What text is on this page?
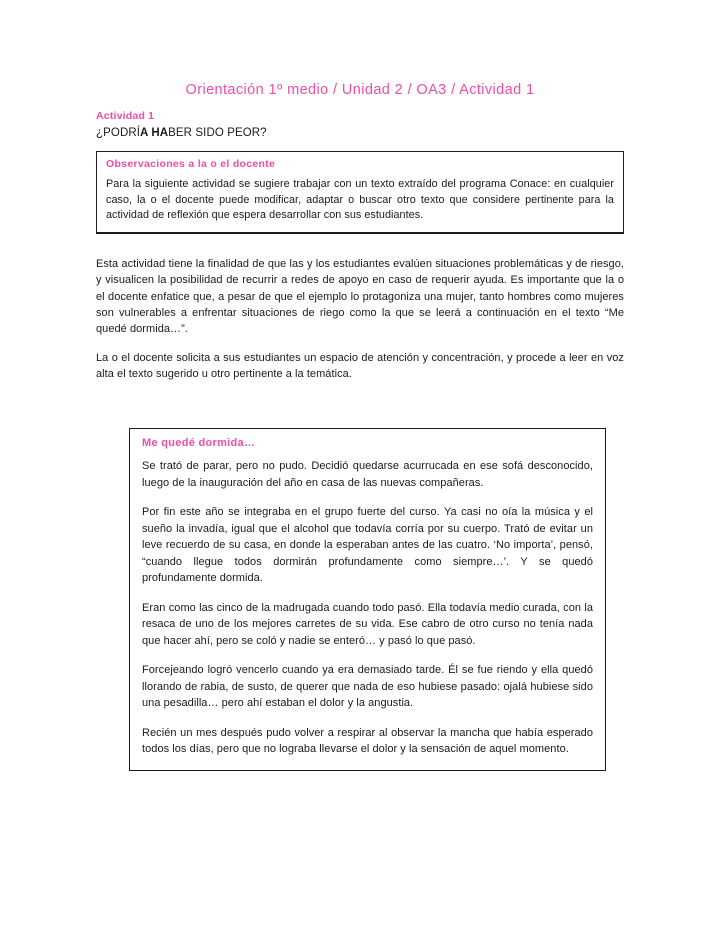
Orientación 1º medio / Unidad 2 / OA3 / Actividad 1
Actividad 1
¿PODRÍA HABER SIDO PEOR?
Observaciones a la o el docente
Para la siguiente actividad se sugiere trabajar con un texto extraído del programa Conace: en cualquier caso, la o el docente puede modificar, adaptar o buscar otro texto que considere pertinente para la actividad de reflexión que espera desarrollar con sus estudiantes.
Esta actividad tiene la finalidad de que las y los estudiantes evalúen situaciones problemáticas y de riesgo, y visualicen la posibilidad de recurrir a redes de apoyo en caso de requerir ayuda. Es importante que la o el docente enfatice que, a pesar de que el ejemplo lo protagoniza una mujer, tanto hombres como mujeres son vulnerables a enfrentar situaciones de riego como la que se leerá a continuación en el texto “Me quedé dormida…”.
La o el docente solicita a sus estudiantes un espacio de atención y concentración, y procede a leer en voz alta el texto sugerido u otro pertinente a la temática.
Me quedé dormida…

Se trató de parar, pero no pudo. Decidió quedarse acurrucada en ese sofá desconocido, luego de la inauguración del año en casa de las nuevas compañeras.

Por fin este año se integraba en el grupo fuerte del curso. Ya casi no oía la música y el sueño la invadía, igual que el alcohol que todavía corría por su cuerpo. Trató de evitar un leve recuerdo de su casa, en donde la esperaban antes de las cuatro. ‘No importa’, pensó, “cuando llegue todos dormirán profundamente como siempre…’. Y se quedó profundamente dormida.

Eran como las cinco de la madrugada cuando todo pasó. Ella todavía medio curada, con la resaca de uno de los mejores carretes de su vida. Ese cabro de otro curso no tenía nada que hacer ahí, pero se coló y nadie se enteró… y pasó lo que pasó.

Forcejeando logró vencerlo cuando ya era demasiado tarde. Él se fue riendo y ella quedó llorando de rabia, de susto, de querer que nada de eso hubiese pasado: ojalá hubiese sido una pesadilla… pero ahí estaban el dolor y la angustia.

Recién un mes después pudo volver a respirar al observar la mancha que había esperado todos los días, pero que no lograba llevarse el dolor y la sensación de aquel momento.
